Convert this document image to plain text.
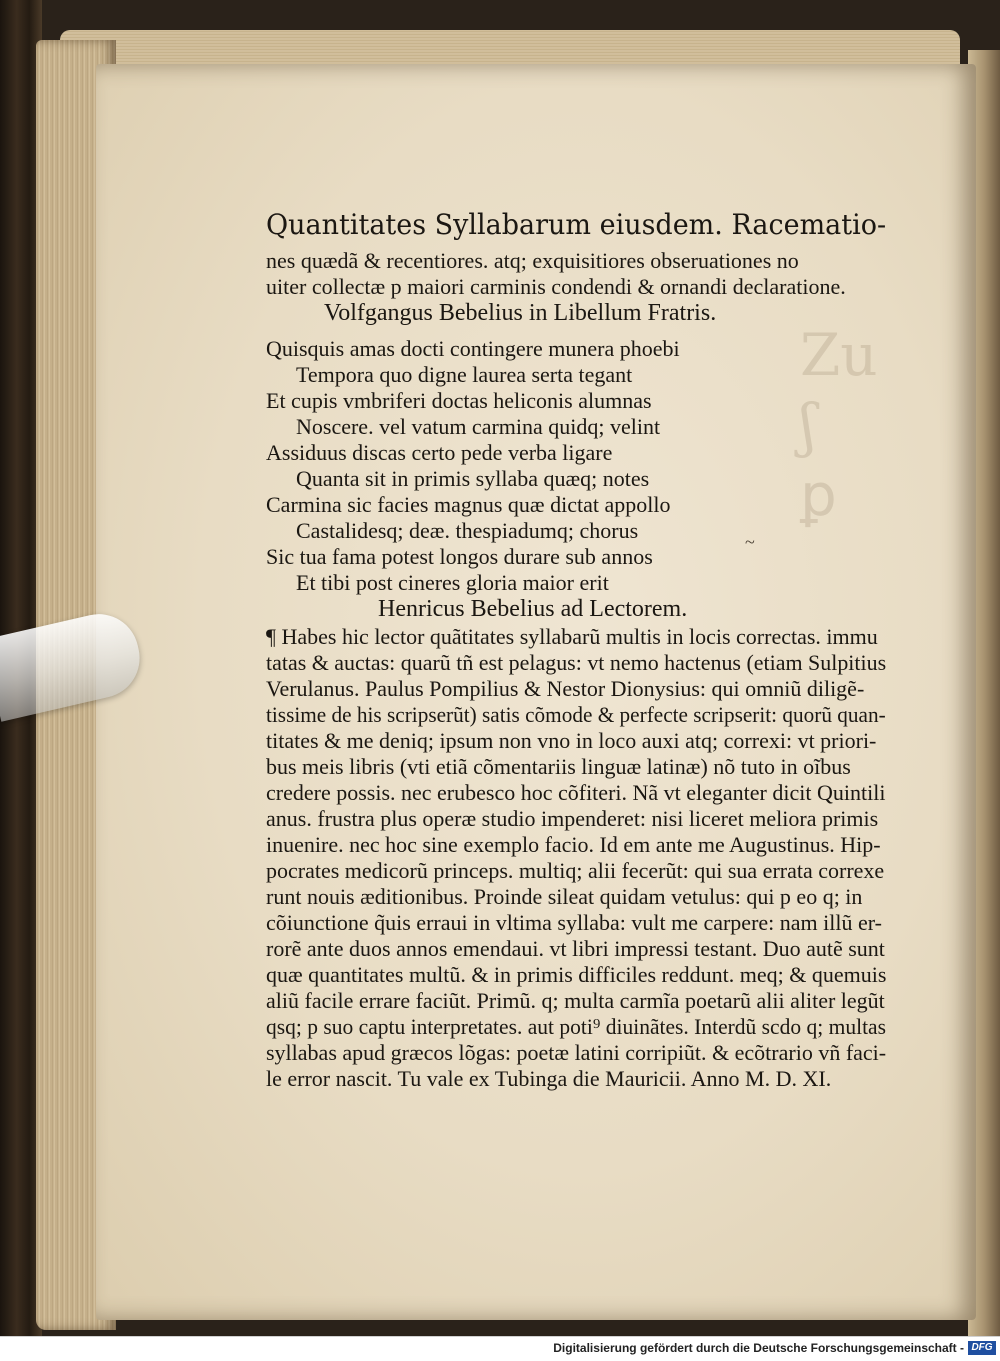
Zu
ʃ
ꝑ
Quantitates Syllabarum eiusdem. Racematio-
nes quædã & recentiores. atq; exquisitiores obseruationes no
uiter collectæ p maiori carminis condendi & ornandi declaratione.
Volfgangus Bebelius in Libellum Fratris.
Quisquis amas docti contingere munera phoebi
Tempora quo digne laurea serta tegant
Et cupis vmbriferi doctas heliconis alumnas
Noscere. vel vatum carmina quidq; velint
Assiduus discas certo pede verba ligare
Quanta sit in primis syllaba quæq; notes
Carmina sic facies magnus quæ dictat appollo
Castalidesq; deæ. thespiadumq; chorus
Sic tua fama potest longos durare sub annos
Et tibi post cineres gloria maior erit
Henricus Bebelius ad Lectorem.
¶ Habes hic lector quãtitates syllabarũ multis in locis correctas. immu
tatas & auctas: quarũ tñ est pelagus: vt nemo hactenus (etiam Sulpitius
Verulanus. Paulus Pompilius & Nestor Dionysius: qui omniũ diligẽ-
tissime de his scripserũt) satis cõmode & perfecte scripserit: quorũ quan-
titates & me deniq; ipsum non vno in loco auxi atq; correxi: vt priori-
bus meis libris (vti etiã cõmentariis linguæ latinæ) nõ tuto in oĩbus
credere possis. nec erubesco hoc cõfiteri. Nã vt eleganter dicit Quintili
anus. frustra plus operæ studio impenderet: nisi liceret meliora primis
inuenire. nec hoc sine exemplo facio. Id em ante me Augustinus. Hip-
pocrates medicorũ princeps. multiq; alii fecerũt: qui sua errata correxe
runt nouis æditionibus. Proinde sileat quidam vetulus: qui p eo q; in
cõiunctione q̃uis erraui in vltima syllaba: vult me carpere: nam illũ er-
rorẽ ante duos annos emendaui. vt libri impressi testant. Duo autẽ sunt
quæ quantitates multũ. & in primis difficiles reddunt. meq; & quemuis
aliũ facile errare faciũt. Primũ. q; multa carmĩa poetarũ alii aliter legũt
qsq; p suo captu interpretates. aut poti⁹ diuinãtes. Interdũ scdo q; multas
syllabas apud græcos lõgas: poetæ latini corripiũt. & ecõtrario vñ faci-
le error nascit. Tu vale ex Tubinga die Mauricii. Anno M. D. XI.
~
Digitalisierung gefördert durch die Deutsche Forschungsgemeinschaft - DFG
